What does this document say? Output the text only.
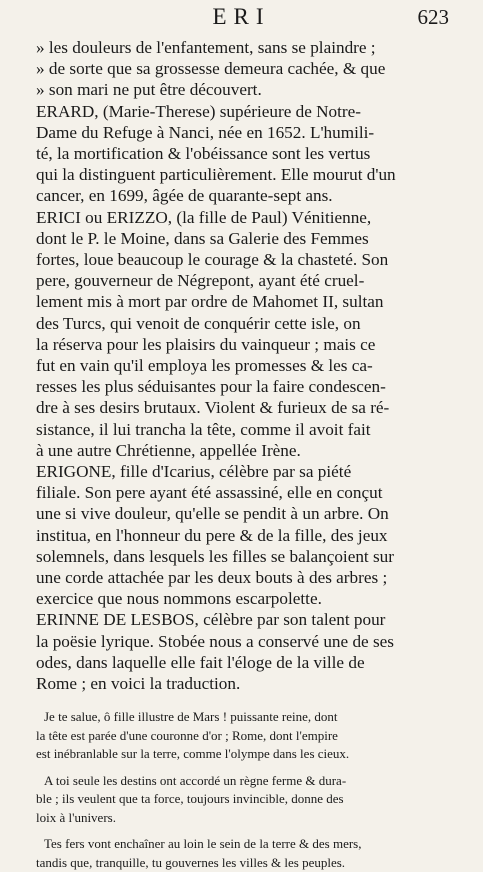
ERI	623
» les douleurs de l'enfantement, sans se plaindre ;
» de sorte que sa grossesse demeura cachée, & que
» son mari ne put être découvert.
ERARD, (Marie-Therese) supérieure de Notre-
Dame du Refuge à Nanci, née en 1652. L'humili-
té, la mortification & l'obéissance sont les vertus
qui la distinguent particulièrement. Elle mourut d'un
cancer, en 1699, âgée de quarante-sept ans.
ERICI ou ERIZZO, (la fille de Paul) Vénitienne,
dont le P. le Moine, dans sa Galerie des Femmes
fortes, loue beaucoup le courage & la chasteté. Son
pere, gouverneur de Négrepont, ayant été cruel-
lement mis à mort par ordre de Mahomet II, sultan
des Turcs, qui venoit de conquérir cette isle, on
la réserva pour les plaisirs du vainqueur ; mais ce
fut en vain qu'il employa les promesses & les ca-
resses les plus séduisantes pour la faire condescen-
dre à ses desirs brutaux. Violent & furieux de sa ré-
sistance, il lui trancha la tête, comme il avoit fait
à une autre Chrétienne, appellée Irène.
ERIGONE, fille d'Icarius, célèbre par sa piété
filiale. Son pere ayant été assassiné, elle en conçut
une si vive douleur, qu'elle se pendit à un arbre. On
institua, en l'honneur du pere & de la fille, des jeux
solemnels, dans lesquels les filles se balançoient sur
une corde attachée par les deux bouts à des arbres ;
exercice que nous nommons escarpolette.
ERINNE DE LESBOS, célèbre par son talent pour
la poësie lyrique. Stobée nous a conservé une de ses
odes, dans laquelle elle fait l'éloge de la ville de
Rome ; en voici la traduction.
Je te salue, ô fille illustre de Mars ! puissante reine, dont
la tête est parée d'une couronne d'or ; Rome, dont l'empire
est inébranlable sur la terre, comme l'olympe dans les cieux.
A toi seule les destins ont accordé un règne ferme & dura-
ble ; ils veulent que ta force, toujours invincible, donne des
loix à l'univers.
Tes fers vont enchaîner au loin le sein de la terre & des mers,
tandis que, tranquille, tu gouvernes les villes & les peuples.
